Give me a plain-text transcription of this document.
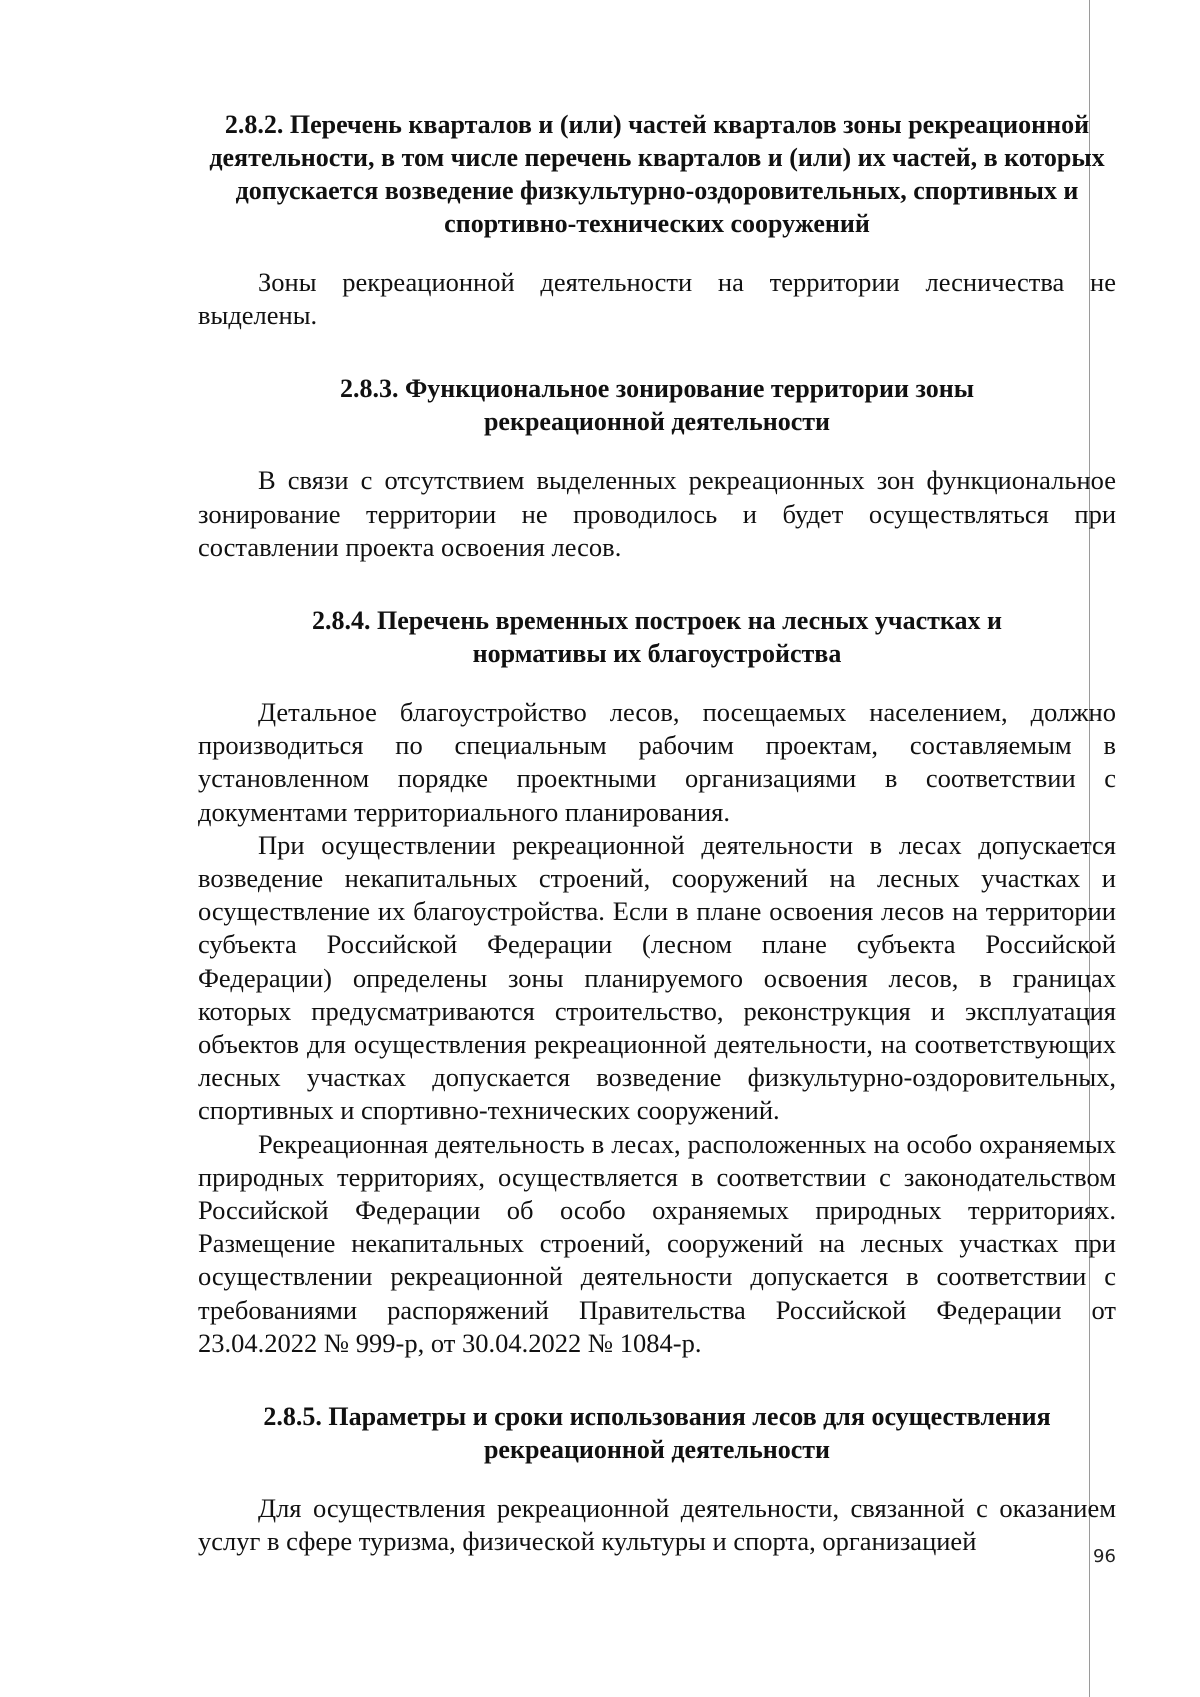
2.8.2. Перечень кварталов и (или) частей кварталов зоны рекреационной деятельности, в том числе перечень кварталов и (или) их частей, в которых допускается возведение физкультурно-оздоровительных, спортивных и спортивно-технических сооружений

Зоны рекреационной деятельности на территории лесничества не выделены.

2.8.3. Функциональное зонирование территории зоны рекреационной деятельности

В связи с отсутствием выделенных рекреационных зон функциональное зонирование территории не проводилось и будет осуществляться при составлении проекта освоения лесов.

2.8.4. Перечень временных построек на лесных участках и нормативы их благоустройства

Детальное благоустройство лесов, посещаемых населением, должно производиться по специальным рабочим проектам, составляемым в установленном порядке проектными организациями в соответствии с документами территориального планирования.

При осуществлении рекреационной деятельности в лесах допускается возведение некапитальных строений, сооружений на лесных участках и осуществление их благоустройства. Если в плане освоения лесов на территории субъекта Российской Федерации (лесном плане субъекта Российской Федерации) определены зоны планируемого освоения лесов, в границах которых предусматриваются строительство, реконструкция и эксплуатация объектов для осуществления рекреационной деятельности, на соответствующих лесных участках допускается возведение физкультурно-оздоровительных, спортивных и спортивно-технических сооружений.

Рекреационная деятельность в лесах, расположенных на особо охраняемых природных территориях, осуществляется в соответствии с законодательством Российской Федерации об особо охраняемых природных территориях. Размещение некапитальных строений, сооружений на лесных участках при осуществлении рекреационной деятельности допускается в соответствии с требованиями распоряжений Правительства Российской Федерации от 23.04.2022 № 999-р, от 30.04.2022 № 1084-р.

2.8.5. Параметры и сроки использования лесов для осуществления рекреационной деятельности

Для осуществления рекреационной деятельности, связанной с оказанием услуг в сфере туризма, физической культуры и спорта, организацией

96
